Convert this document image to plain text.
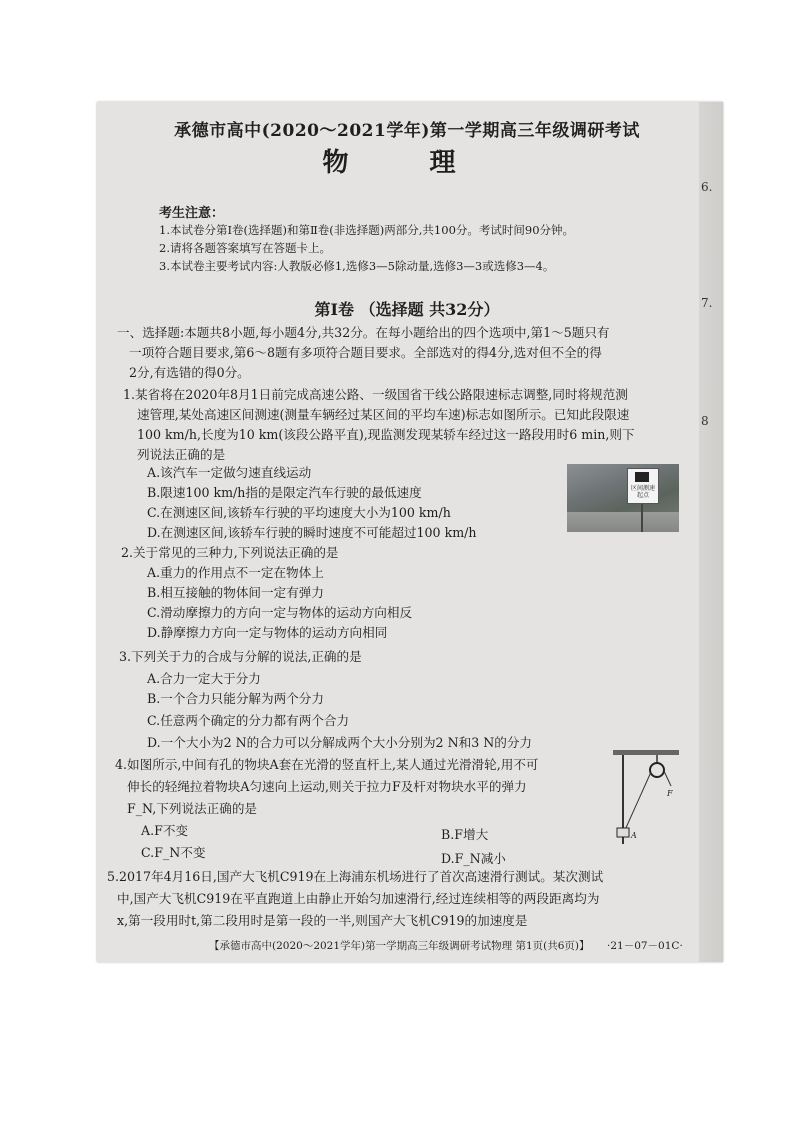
6.
7.
8
承德市高中(2020～2021学年)第一学期高三年级调研考试
物 理
考生注意：
1.本试卷分第Ⅰ卷(选择题)和第Ⅱ卷(非选择题)两部分,共100分。考试时间90分钟。
2.请将各题答案填写在答题卡上。
3.本试卷主要考试内容:人教版必修1,选修3—5除动量,选修3—3或选修3—4。
第Ⅰ卷 （选择题 共32分）
一、选择题:本题共8小题,每小题4分,共32分。在每小题给出的四个选项中,第1～5题只有
一项符合题目要求,第6～8题有多项符合题目要求。全部选对的得4分,选对但不全的得
2分,有选错的得0分。
1.某省将在2020年8月1日前完成高速公路、一级国省干线公路限速标志调整,同时将规范测
速管理,某处高速区间测速(测量车辆经过某区间的平均车速)标志如图所示。已知此段限速
100 km/h,长度为10 km(该段公路平直),现监测发现某轿车经过这一路段用时6 min,则下
列说法正确的是
A.该汽车一定做匀速直线运动
B.限速100 km/h指的是限定汽车行驶的最低速度
C.在测速区间,该轿车行驶的平均速度大小为100 km/h
D.在测速区间,该轿车行驶的瞬时速度不可能超过100 km/h
区间测速 起点
2.关于常见的三种力,下列说法正确的是
A.重力的作用点不一定在物体上
B.相互接触的物体间一定有弹力
C.滑动摩擦力的方向一定与物体的运动方向相反
D.静摩擦力方向一定与物体的运动方向相同
3.下列关于力的合成与分解的说法,正确的是
A.合力一定大于分力
B.一个合力只能分解为两个分力
C.任意两个确定的分力都有两个合力
D.一个大小为2 N的合力可以分解成两个大小分别为2 N和3 N的分力
4.如图所示,中间有孔的物块A套在光滑的竖直杆上,某人通过光滑滑轮,用不可
伸长的轻绳拉着物块A匀速向上运动,则关于拉力F及杆对物块水平的弹力
F_N,下列说法正确的是
A.F不变	B.F增大
C.F_N不变	D.F_N减小
F
A
5.2017年4月16日,国产大飞机C919在上海浦东机场进行了首次高速滑行测试。某次测试
中,国产大飞机C919在平直跑道上由静止开始匀加速滑行,经过连续相等的两段距离均为
x,第一段用时t,第二段用时是第一段的一半,则国产大飞机C919的加速度是
【承德市高中(2020～2021学年)第一学期高三年级调研考试物理 第1页(共6页)】 ·21－07－01C·
